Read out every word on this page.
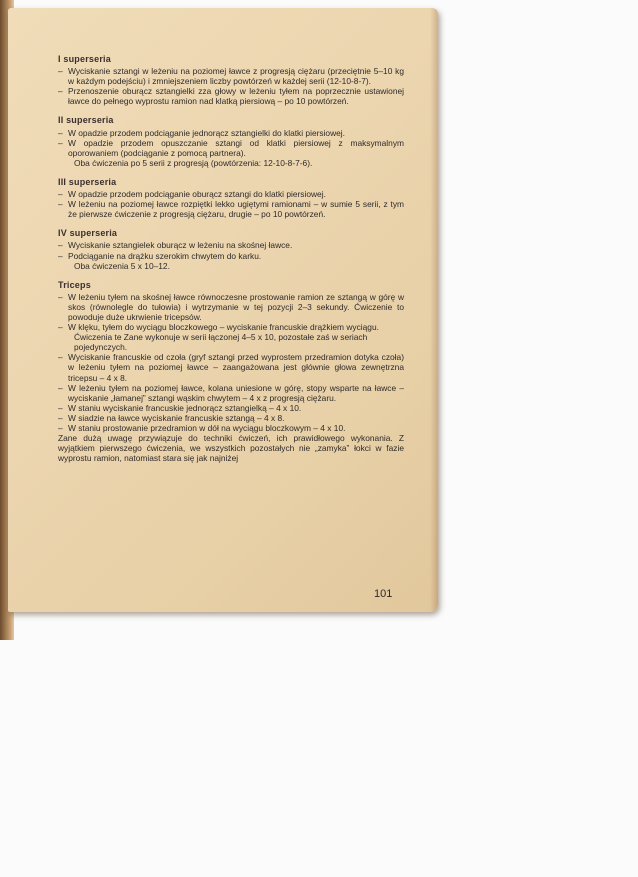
I superseria

– Wyciskanie sztangi w leżeniu na poziomej ławce z progresją ciężaru (przeciętnie 5–10 kg w każdym podejściu) i zmniejszeniem liczby powtórzeń w każdej serii (12-10-8-7).

– Przenoszenie oburącz sztangielki zza głowy w leżeniu tyłem na poprzecznie ustawionej ławce do pełnego wyprostu ramion nad klatką piersiową – po 10 powtórzeń.

II superseria

– W opadzie przodem podciąganie jednorącz sztangielki do klatki piersiowej.

– W opadzie przodem opuszczanie sztangi od klatki piersiowej z maksymalnym oporowaniem (podciąganie z pomocą partnera).

Oba ćwiczenia po 5 serii z progresją (powtórzenia: 12-10-8-7-6).

III superseria

– W opadzie przodem podciąganie oburącz sztangi do klatki piersiowej.

– W leżeniu na poziomej ławce rozpiętki lekko ugiętymi ramionami – w sumie 5 serii, z tym że pierwsze ćwiczenie z progresją ciężaru, drugie – po 10 powtórzeń.

IV superseria

– Wyciskanie sztangielek oburącz w leżeniu na skośnej ławce.

– Podciąganie na drążku szerokim chwytem do karku.

Oba ćwiczenia 5 x 10–12.

Triceps

– W leżeniu tyłem na skośnej ławce równoczesne prostowanie ramion ze sztangą w górę w skos (równolegle do tułowia) i wytrzymanie w tej pozycji 2–3 sekundy. Ćwiczenie to powoduje duże ukrwienie tricepsów.

– W klęku, tyłem do wyciągu bloczkowego – wyciskanie francuskie drążkiem wyciągu.

Ćwiczenia te Zane wykonuje w serii łączonej 4–5 x 10, pozostałe zaś w seriach pojedynczych.

– Wyciskanie francuskie od czoła (gryf sztangi przed wyprostem przedramion dotyka czoła) w leżeniu tyłem na poziomej ławce – zaangażowana jest głównie głowa zewnętrzna tricepsu – 4 x 8.

– W leżeniu tyłem na poziomej ławce, kolana uniesione w górę, stopy wsparte na ławce – wyciskanie „łamanej” sztangi wąskim chwytem – 4 x z progresją ciężaru.

– W staniu wyciskanie francuskie jednorącz sztangielką – 4 x 10.

– W siadzie na ławce wyciskanie francuskie sztangą – 4 x 8.

– W staniu prostowanie przedramion w dół na wyciągu bloczkowym – 4 x 10.

Zane dużą uwagę przywiązuje do techniki ćwiczeń, ich prawidłowego wykonania. Z wyjątkiem pierwszego ćwiczenia, we wszystkich pozostałych nie „zamyka” łokci w fazie wyprostu ramion, natomiast stara się jak najniżej

101
